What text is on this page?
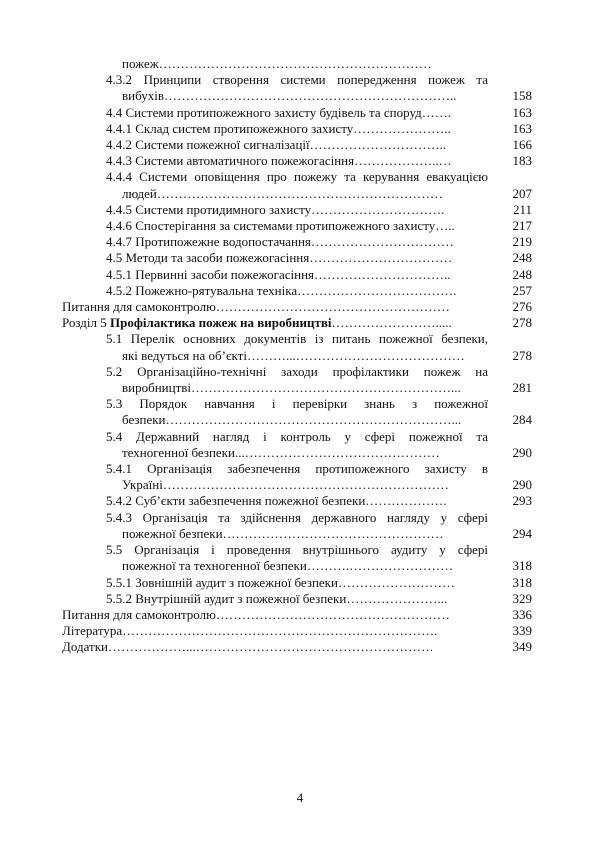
пожеж………………………………………………………
4.3.2 Принципи створення системи попередження пожеж та
вибухів…………………………………………………………..	158
4.4 Системи протипожежного захисту будівель та споруд…….	163
4.4.1 Склад систем протипожежного захисту…………………..	163
4.4.2 Системи пожежної сигналізації…………………………..	166
4.4.3 Системи автоматичного пожежогасіння………………..…	183
4.4.4 Системи оповіщення про пожежу та керування евакуацією
людей…………………………………………………………	207
4.4.5 Системи протидимного захисту………………………….	211
4.4.6 Спостерігання за системами протипожежного захисту…..	217
4.4.7 Протипожежне водопостачання……………………………	219
4.5 Методи та засоби пожежогасіння……………………………	248
4.5.1 Первинні засоби пожежогасіння…………………………..	248
4.5.2 Пожежно-рятувальна техніка……………………………….	257
Питання для самоконтролю………………………………………………	276
Розділ 5 Профілактика пожеж на виробництві…………………….....	278
5.1 Перелік основних документів із питань пожежної безпеки,
які ведуться на об’єкті………...…………………………………	278
5.2 Організаційно-технічні заходи профілактики пожеж на
виробництві……………………………………………………...	281
5.3 Порядок навчання і перевірки знань з пожежної
безпеки…………………………………………………………...	284
5.4 Державний нагляд і контроль у сфері пожежної та
техногенної безпеки...………………………………………	290
5.4.1 Організація забезпечення протипожежного захисту в
Україні…………………………………………………………	290
5.4.2 Суб’єкти забезпечення пожежної безпеки……………….	293
5.4.3 Організація та здійснення державного нагляду у сфері
пожежної безпеки……………………………………………	294
5.5 Організація і проведення внутрішнього аудиту у сфері
пожежної та техногенної безпеки……….……………………	318
5.5.1 Зовнішній аудит з пожежної безпеки………………………	318
5.5.2 Внутрішній аудит з пожежної безпеки…………………...	329
Питання для самоконтролю………………………………………………	336
Література……………………………………………………………….	339
Додатки………………...……………………………………………….	349
4
